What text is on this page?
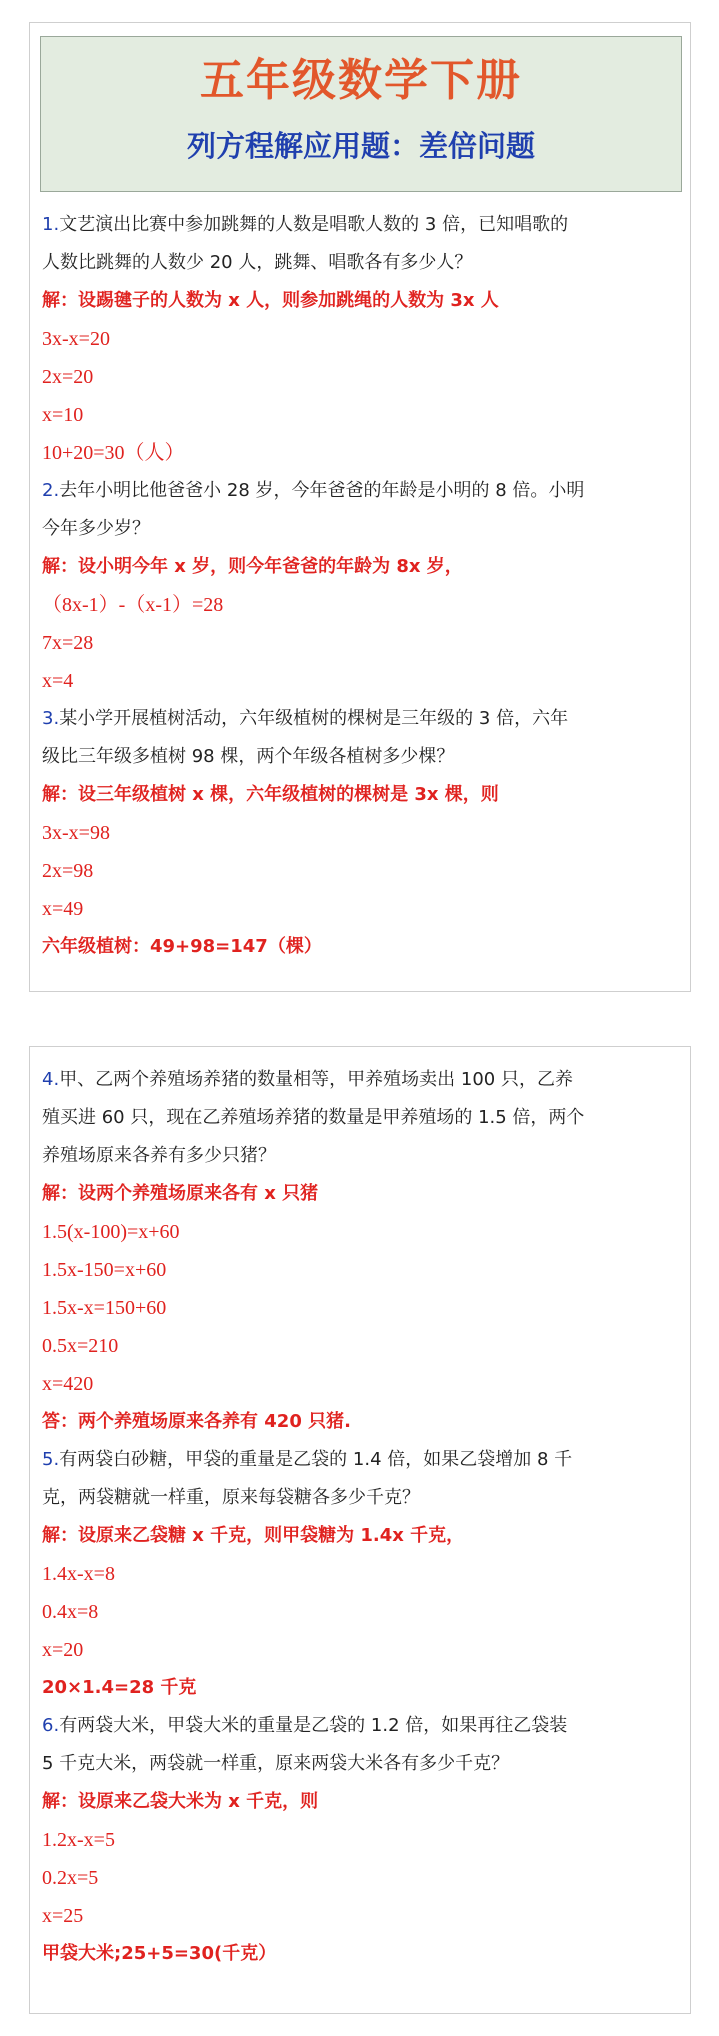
五年级数学下册
列方程解应用题：差倍问题
1.文艺演出比赛中参加跳舞的人数是唱歌人数的 3 倍，已知唱歌的
人数比跳舞的人数少 20 人，跳舞、唱歌各有多少人？
解：设踢毽子的人数为 x 人，则参加跳绳的人数为 3x 人
3x-x=20
2x=20
x=10
10+20=30（人）
2.去年小明比他爸爸小 28 岁，今年爸爸的年龄是小明的 8 倍。小明
今年多少岁？
解：设小明今年 x 岁，则今年爸爸的年龄为 8x 岁，
（8x-1）-（x-1）=28
7x=28
x=4
3.某小学开展植树活动，六年级植树的棵树是三年级的 3 倍，六年
级比三年级多植树 98 棵，两个年级各植树多少棵？
解：设三年级植树 x 棵，六年级植树的棵树是 3x 棵，则
3x-x=98
2x=98
x=49
六年级植树：49+98=147（棵）
4.甲、乙两个养殖场养猪的数量相等，甲养殖场卖出 100 只，乙养
殖买进 60 只，现在乙养殖场养猪的数量是甲养殖场的 1.5 倍，两个
养殖场原来各养有多少只猪？
解：设两个养殖场原来各有 x 只猪
1.5(x-100)=x+60
1.5x-150=x+60
1.5x-x=150+60
0.5x=210
x=420
答：两个养殖场原来各养有 420 只猪.
5.有两袋白砂糖，甲袋的重量是乙袋的 1.4 倍，如果乙袋增加 8 千
克，两袋糖就一样重，原来每袋糖各多少千克？
解：设原来乙袋糖 x 千克，则甲袋糖为 1.4x 千克，
1.4x-x=8
0.4x=8
x=20
20×1.4=28 千克
6.有两袋大米，甲袋大米的重量是乙袋的 1.2 倍，如果再往乙袋装
5 千克大米，两袋就一样重，原来两袋大米各有多少千克？
解：设原来乙袋大米为 x 千克，则
1.2x-x=5
0.2x=5
x=25
甲袋大米;25+5=30(千克）
